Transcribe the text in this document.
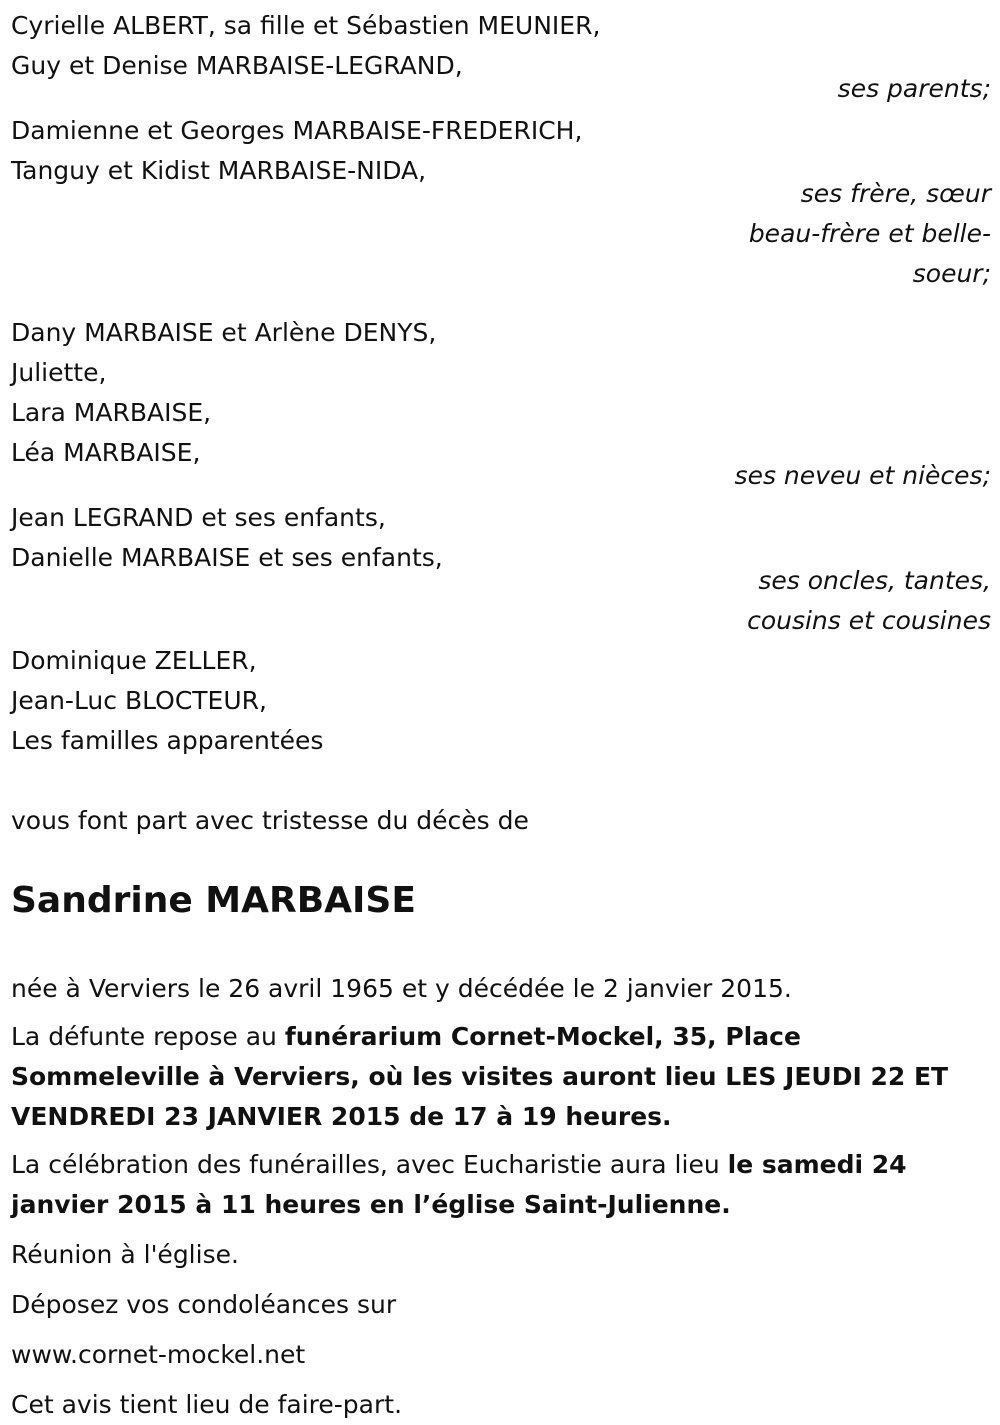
Cyrielle ALBERT, sa fille et Sébastien MEUNIER,
Guy et Denise MARBAISE-LEGRAND,
ses parents;
Damienne et Georges MARBAISE-FREDERICH,
Tanguy et Kidist MARBAISE-NIDA,
ses frère, sœur
beau-frère et belle-
soeur;
Dany MARBAISE et Arlène DENYS,
Juliette,
Lara MARBAISE,
Léa MARBAISE,
ses neveu et nièces;
Jean LEGRAND et ses enfants,
Danielle MARBAISE et ses enfants,
ses oncles, tantes,
cousins et cousines
Dominique ZELLER,
Jean-Luc BLOCTEUR,
Les familles apparentées
vous font part avec tristesse du décès de
Sandrine MARBAISE
née à Verviers le 26 avril 1965 et y décédée le 2 janvier 2015.
La défunte repose au funérarium Cornet-Mockel, 35, Place Sommeleville à Verviers, où les visites auront lieu LES JEUDI 22 ET VENDREDI 23 JANVIER 2015 de 17 à 19 heures.
La célébration des funérailles, avec Eucharistie aura lieu le samedi 24 janvier 2015 à 11 heures en l’église Saint-Julienne.
Réunion à l'église.
Déposez vos condoléances sur
www.cornet-mockel.net
Cet avis tient lieu de faire-part.
